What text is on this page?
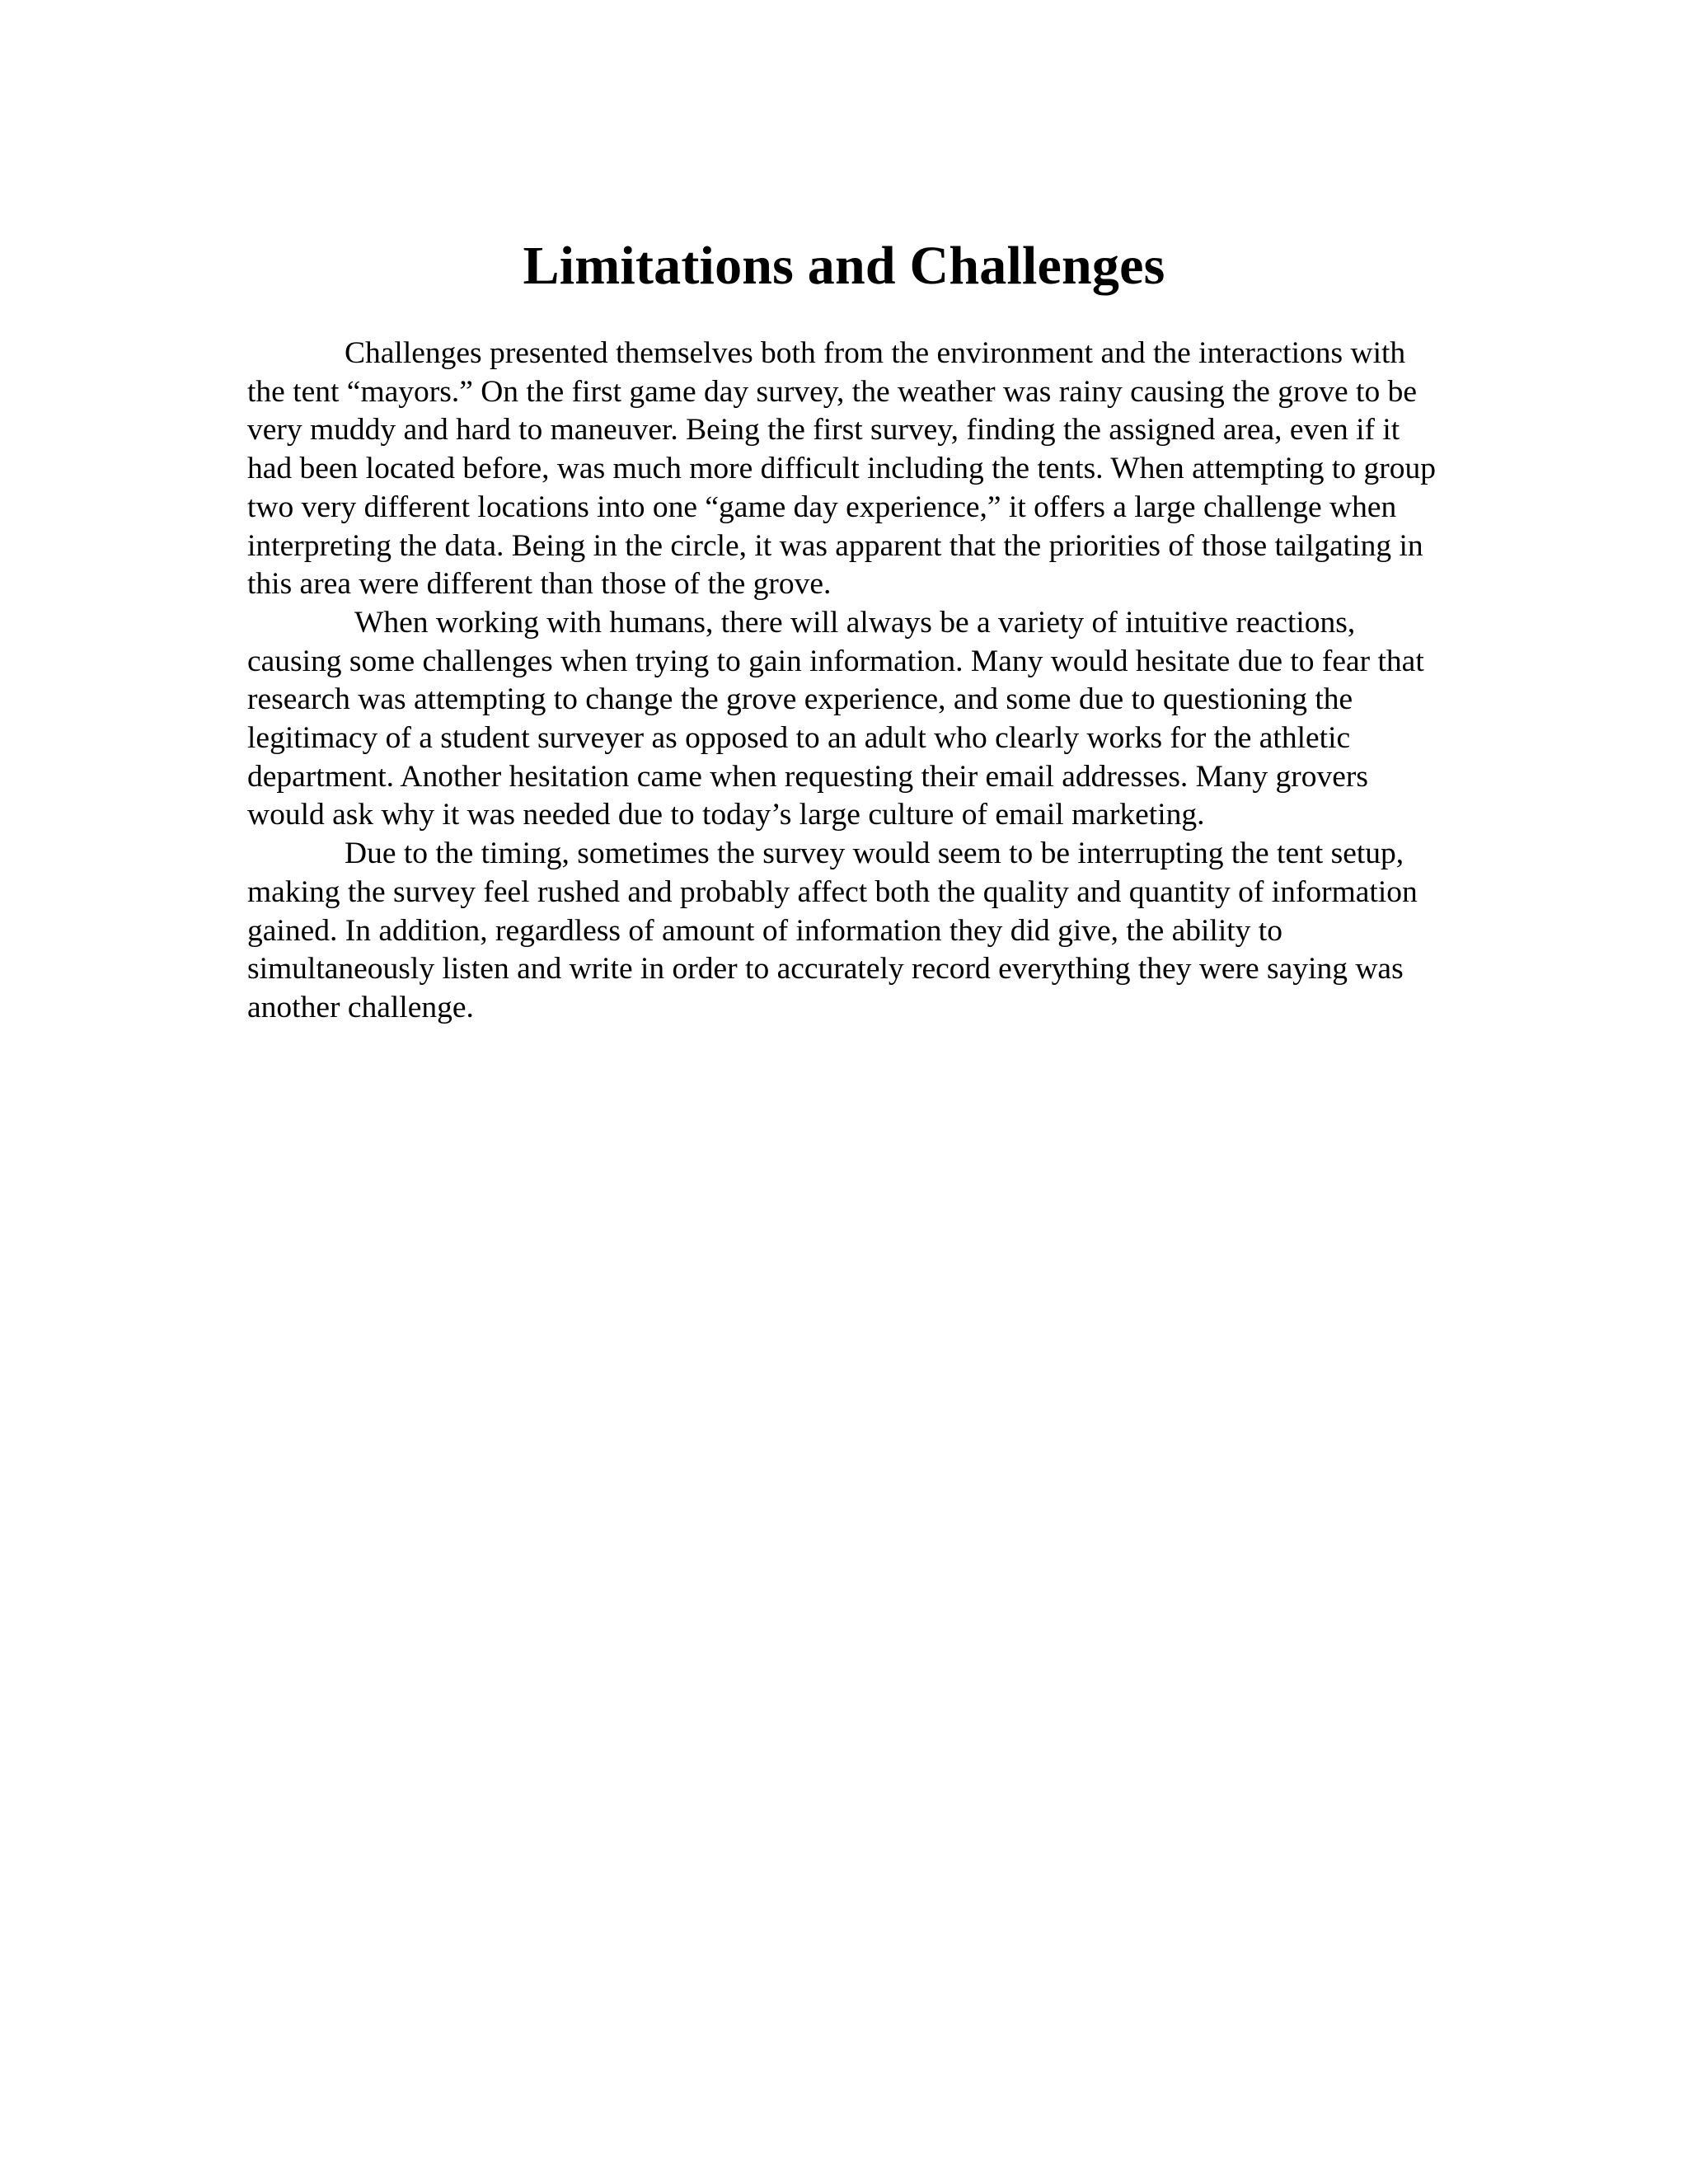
Limitations and Challenges

Challenges presented themselves both from the environment and the interactions with the tent “mayors.” On the first game day survey, the weather was rainy causing the grove to be very muddy and hard to maneuver. Being the first survey, finding the assigned area, even if it had been located before, was much more difficult including the tents. When attempting to group two very different locations into one “game day experience,” it offers a large challenge when interpreting the data. Being in the circle, it was apparent that the priorities of those tailgating in this area were different than those of the grove.

When working with humans, there will always be a variety of intuitive reactions, causing some challenges when trying to gain information. Many would hesitate due to fear that research was attempting to change the grove experience, and some due to questioning the legitimacy of a student surveyer as opposed to an adult who clearly works for the athletic department. Another hesitation came when requesting their email addresses. Many grovers would ask why it was needed due to today’s large culture of email marketing.

Due to the timing, sometimes the survey would seem to be interrupting the tent setup, making the survey feel rushed and probably affect both the quality and quantity of information gained. In addition, regardless of amount of information they did give, the ability to simultaneously listen and write in order to accurately record everything they were saying was another challenge.
